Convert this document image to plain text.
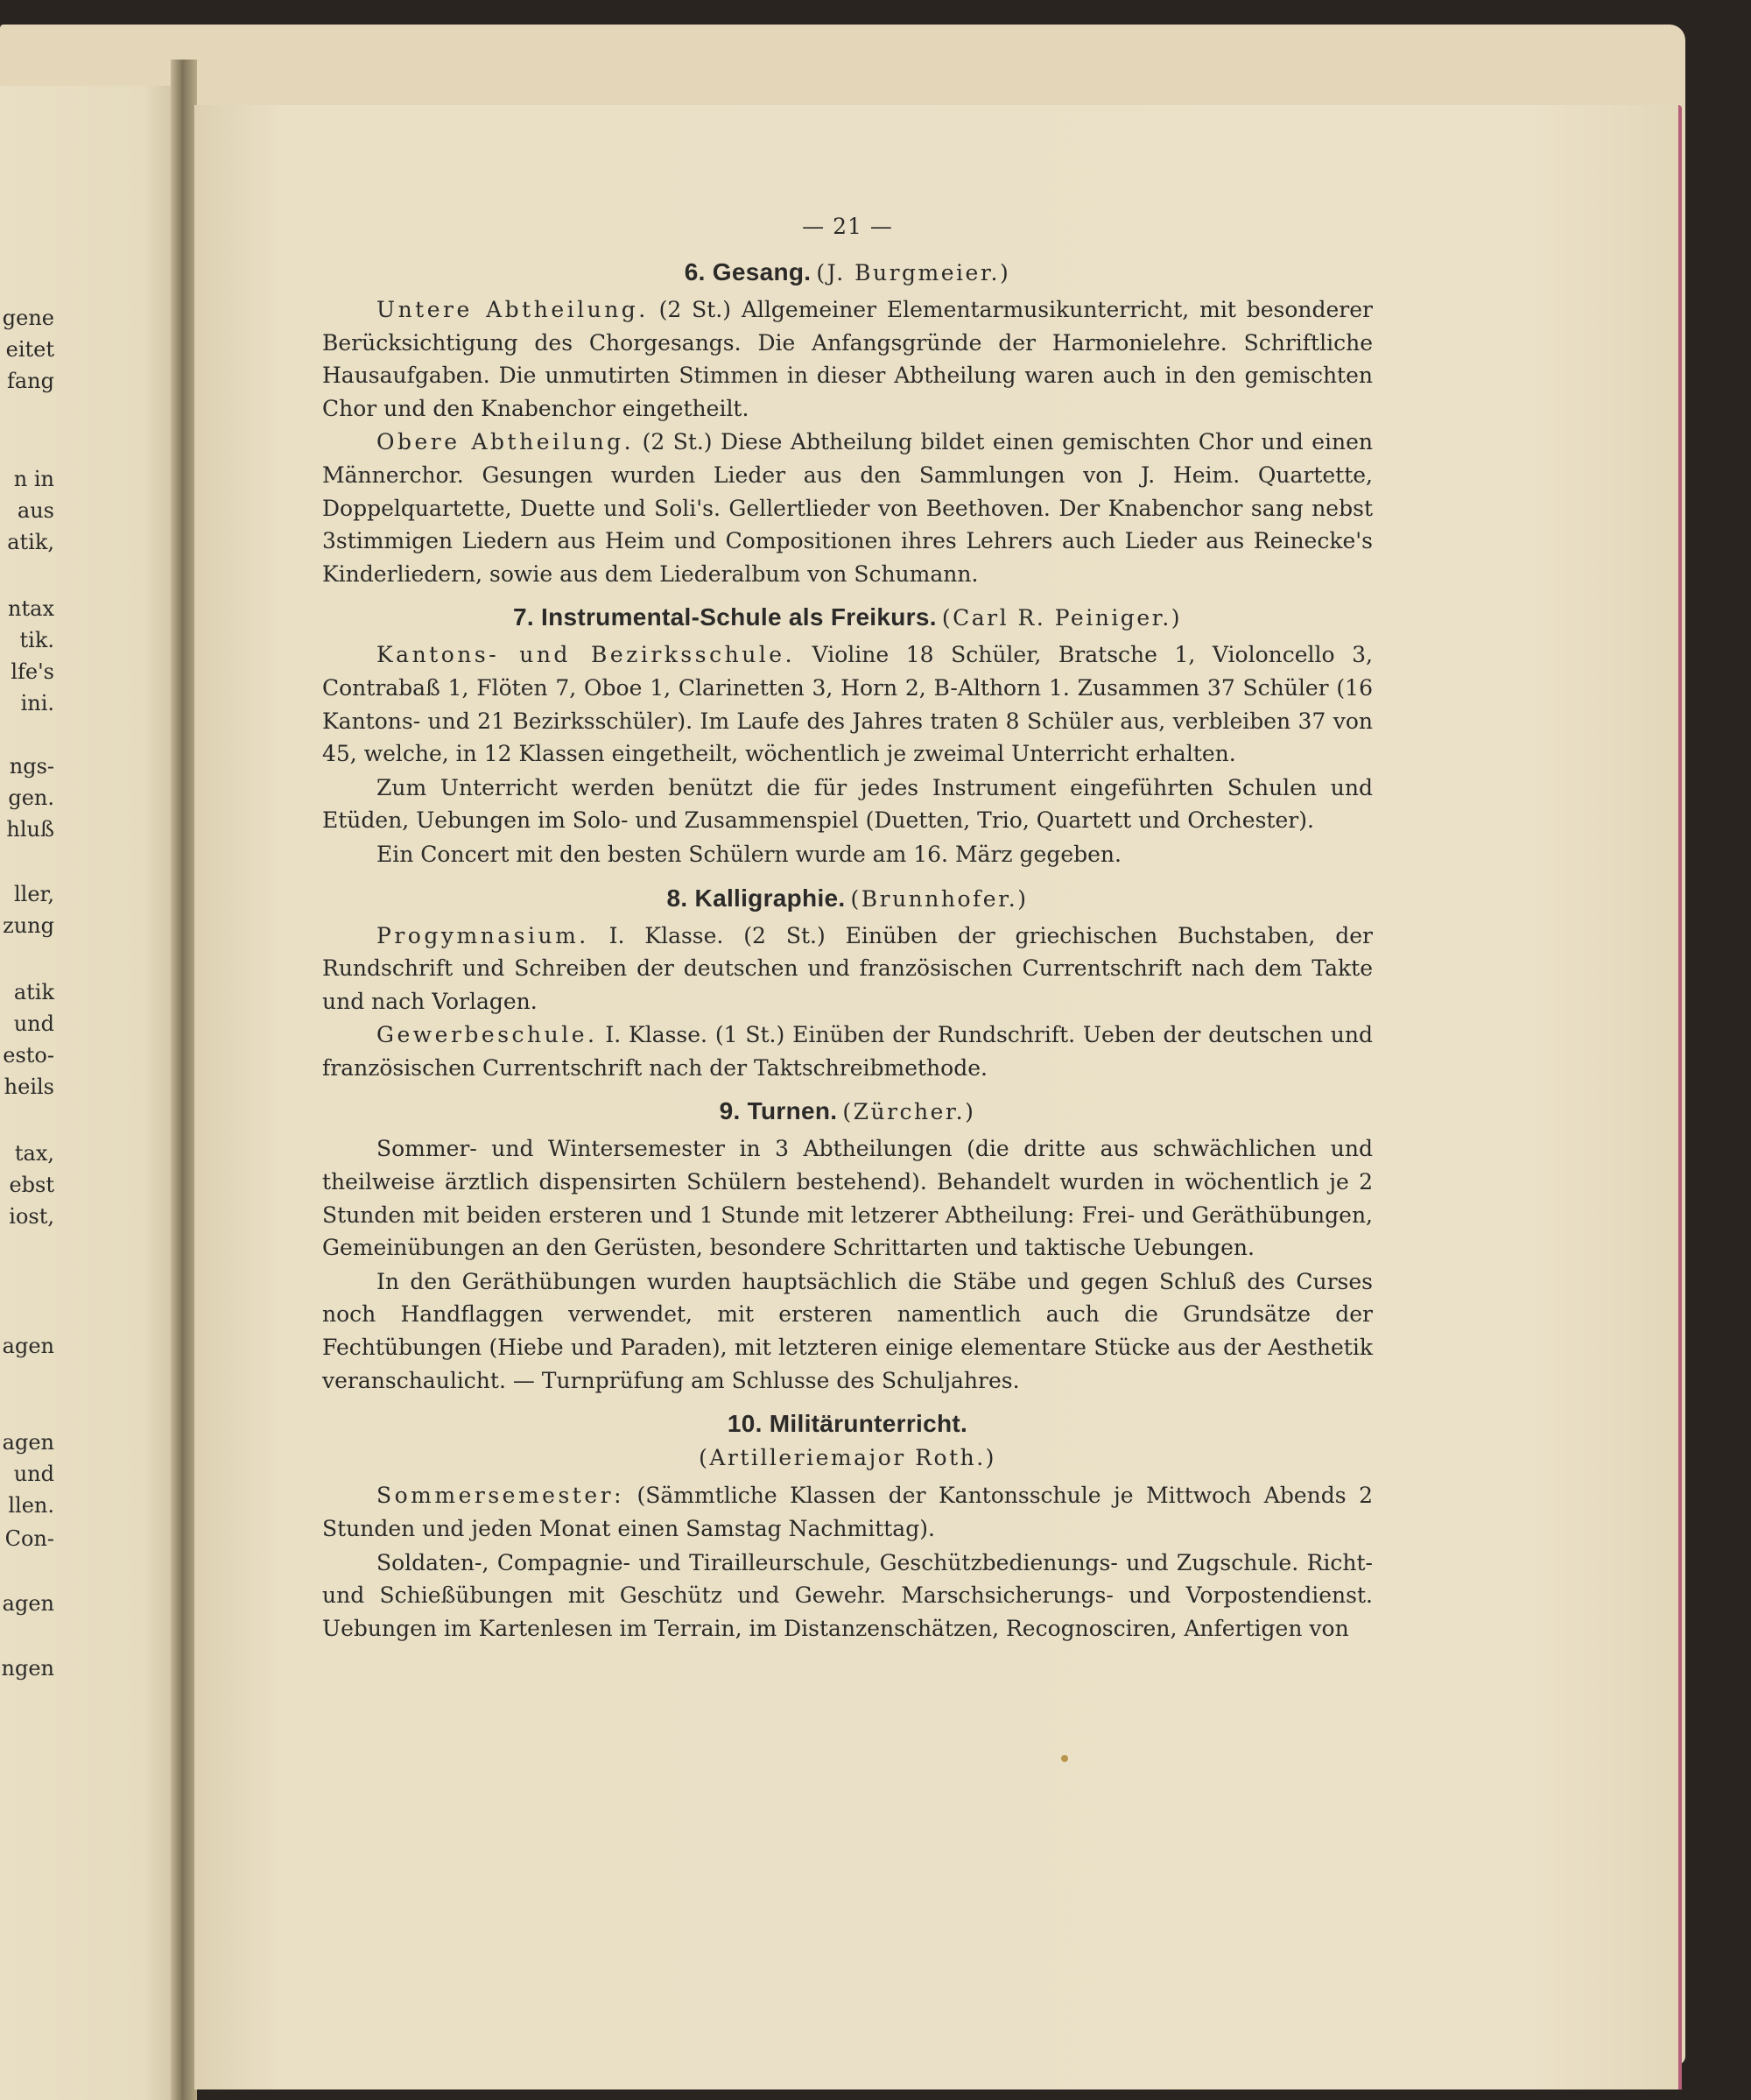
gene
eitet
fang
n in
aus
atik,
ntax
tik.
lfe's
ini.
ngs-
gen.
hluß
ller,
zung
atik
und
esto-
heils
tax,
ebst
iost,
agen
agen
und
llen.
Con-
agen
ngen
— 21 —
6. Gesang. (J. Burgmeier.)

Untere Abtheilung. (2 St.) Allgemeiner Elementarmusikunterricht, mit besonderer Berücksichtigung des Chorgesangs. Die Anfangsgründe der Harmonielehre. Schriftliche Hausaufgaben. Die unmutirten Stimmen in dieser Abtheilung waren auch in den gemischten Chor und den Knabenchor eingetheilt.

Obere Abtheilung. (2 St.) Diese Abtheilung bildet einen gemischten Chor und einen Männerchor. Gesungen wurden Lieder aus den Sammlungen von J. Heim. Quartette, Doppelquartette, Duette und Soli's. Gellertlieder von Beethoven. Der Knabenchor sang nebst 3stimmigen Liedern aus Heim und Compositionen ihres Lehrers auch Lieder aus Reinecke's Kinderliedern, sowie aus dem Liederalbum von Schumann.

7. Instrumental-Schule als Freikurs. (Carl R. Peiniger.)

Kantons- und Bezirksschule. Violine 18 Schüler, Bratsche 1, Violoncello 3, Contrabaß 1, Flöten 7, Oboe 1, Clarinetten 3, Horn 2, B-Althorn 1. Zusammen 37 Schüler (16 Kantons- und 21 Bezirksschüler). Im Laufe des Jahres traten 8 Schüler aus, verbleiben 37 von 45, welche, in 12 Klassen eingetheilt, wöchentlich je zweimal Unterricht erhalten.

Zum Unterricht werden benützt die für jedes Instrument eingeführten Schulen und Etüden, Uebungen im Solo- und Zusammenspiel (Duetten, Trio, Quartett und Orchester).

Ein Concert mit den besten Schülern wurde am 16. März gegeben.

8. Kalligraphie. (Brunnhofer.)

Progymnasium. I. Klasse. (2 St.) Einüben der griechischen Buchstaben, der Rundschrift und Schreiben der deutschen und französischen Currentschrift nach dem Takte und nach Vorlagen.

Gewerbeschule. I. Klasse. (1 St.) Einüben der Rundschrift. Ueben der deutschen und französischen Currentschrift nach der Taktschreibmethode.

9. Turnen. (Zürcher.)

Sommer- und Wintersemester in 3 Abtheilungen (die dritte aus schwächlichen und theilweise ärztlich dispensirten Schülern bestehend). Behandelt wurden in wöchentlich je 2 Stunden mit beiden ersteren und 1 Stunde mit letzerer Abtheilung: Frei- und Geräthübungen, Gemeinübungen an den Gerüsten, besondere Schrittarten und taktische Uebungen.

In den Geräthübungen wurden hauptsächlich die Stäbe und gegen Schluß des Curses noch Handflaggen verwendet, mit ersteren namentlich auch die Grundsätze der Fechtübungen (Hiebe und Paraden), mit letzteren einige elementare Stücke aus der Aesthetik veranschaulicht. — Turnprüfung am Schlusse des Schuljahres.

10. Militärunterricht.
(Artilleriemajor Roth.)

Sommersemester: (Sämmtliche Klassen der Kantonsschule je Mittwoch Abends 2 Stunden und jeden Monat einen Samstag Nachmittag).

Soldaten-, Compagnie- und Tirailleurschule, Geschützbedienungs- und Zugschule. Richt- und Schießübungen mit Geschütz und Gewehr. Marschsicherungs- und Vorpostendienst. Uebungen im Kartenlesen im Terrain, im Distanzenschätzen, Recognosciren, Anfertigen von
